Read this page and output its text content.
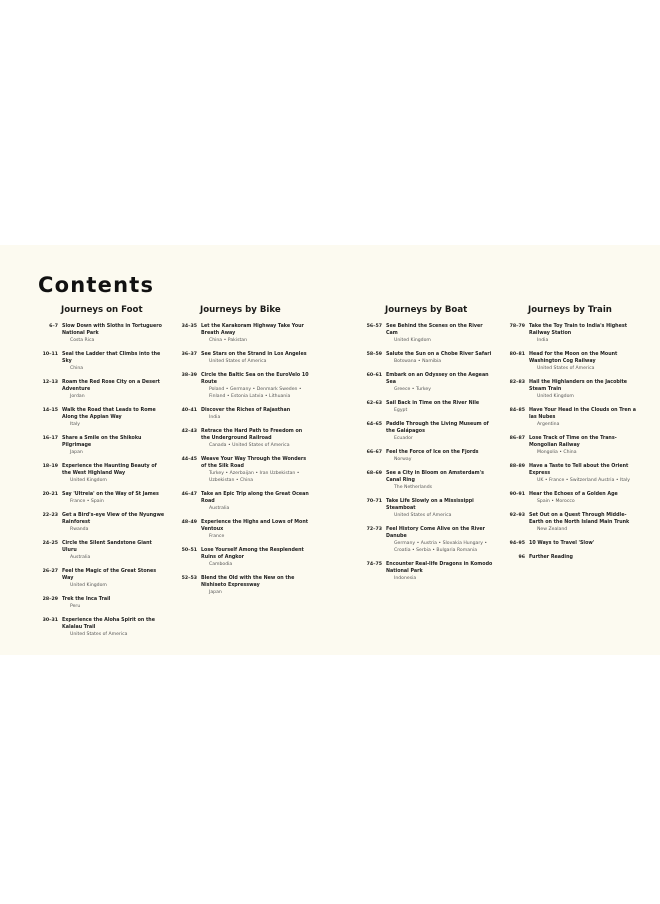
Contents
Journeys on Foot
6–7 Slow Down with Sloths in Tortuguero National Park
Costa Rica
10–11 Seal the Ladder that Climbs into the Sky
China
12–13 Roam the Red Rose City on a Desert Adventure
Jordan
14–15 Walk the Road that Leads to Rome Along the Appian Way
Italy
16–17 Share a Smile on the Shikoku Pilgrimage
Japan
18–19 Experience the Haunting Beauty of the West Highland Way
United Kingdom
20–21 Say 'Ultreia' on the Way of St James
France • Spain
22–23 Get a Bird's-eye View of the Nyungwe Rainforest
Rwanda
24–25 Circle the Silent Sandstone Giant Uluru
Australia
26–27 Feel the Magic of the Great Stones Way
United Kingdom
28–29 Trek the Inca Trail
Peru
30–31 Experience the Aloha Spirit on the Kalalau Trail
United States of America
Journeys by Bike
34–35 Let the Karakoram Highway Take Your Breath Away
China • Pakistan
36–37 See Stars on the Strand in Los Angeles
United States of America
38–39 Circle the Baltic Sea on the EuroVelo 10 Route
Poland • Germany • Denmark Sweden • Finland • Estonia Latvia • Lithuania
40–41 Discover the Riches of Rajasthan
India
42–43 Retrace the Hard Path to Freedom on the Underground Railroad
Canada • United States of America
44–45 Weave Your Way Through the Wonders of the Silk Road
Turkey • Azerbaijan • Iran Uzbekistan • Uzbekistan • China
46–47 Take an Epic Trip along the Great Ocean Road
Australia
48–49 Experience the Highs and Lows of Mont Ventoux
France
50–51 Lose Yourself Among the Resplendent Ruins of Angkor
Cambodia
52–53 Blend the Old with the New on the Nishiseto Expressway
Japan
Journeys by Boat
56–57 See Behind the Scenes on the River Cam
United Kingdom
58–59 Salute the Sun on a Chobe River Safari
Botswana • Namibia
60–61 Embark on an Odyssey on the Aegean Sea
Greece • Turkey
62–63 Sail Back in Time on the River Nile
Egypt
64–65 Paddle Through the Living Museum of the Galápagos
Ecuador
66–67 Feel the Force of Ice on the Fjords
Norway
68–69 See a City in Bloom on Amsterdam's Canal Ring
The Netherlands
70–71 Take Life Slowly on a Mississippi Steamboat
United States of America
72–73 Feel History Come Alive on the River Danube
Germany • Austria • Slovakia Hungary • Croatia • Serbia • Bulgaria Romania
74–75 Encounter Real-life Dragons in Komodo National Park
Indonesia
Journeys by Train
78–79 Take the Toy Train to India's Highest Railway Station
India
80–81 Head for the Moon on the Mount Washington Cog Railway
United States of America
82–83 Hail the Highlanders on the Jacobite Steam Train
United Kingdom
84–85 Have Your Head in the Clouds on Tren a las Nubes
Argentina
86–87 Lose Track of Time on the Trans-Mongolian Railway
Mongolia • China
88–89 Have a Taste to Tell about the Orient Express
UK • France • Switzerland Austria • Italy
90–91 Hear the Echoes of a Golden Age
Spain • Morocco
92–93 Set Out on a Quest Through Middle-Earth on the North Island Main Trunk
New Zealand
94–95 10 Ways to Travel 'Slow'
96 Further Reading
